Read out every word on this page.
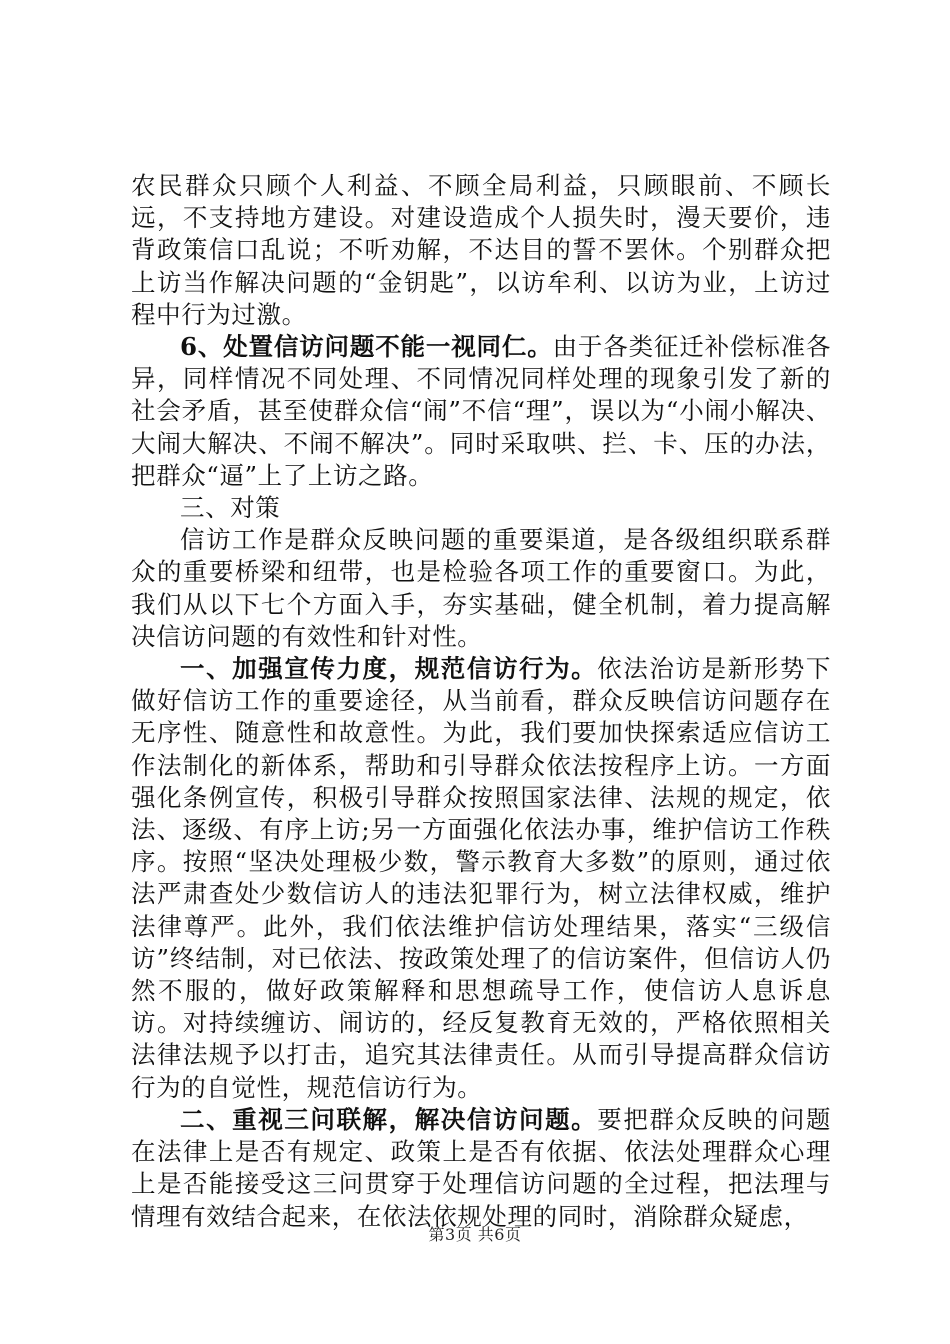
农民群众只顾个人利益、不顾全局利益，只顾眼前、不顾长远，不支持地方建设。对建设造成个人损失时，漫天要价，违背政策信口乱说；不听劝解，不达目的誓不罢休。个别群众把上访当作解决问题的“金钥匙”，以访牟利、以访为业，上访过程中行为过激。

6、处置信访问题不能一视同仁。由于各类征迁补偿标准各异，同样情况不同处理、不同情况同样处理的现象引发了新的社会矛盾，甚至使群众信“闹”不信“理”，误以为“小闹小解决、大闹大解决、不闹不解决”。同时采取哄、拦、卡、压的办法，把群众“逼”上了上访之路。

三、对策

信访工作是群众反映问题的重要渠道，是各级组织联系群众的重要桥梁和纽带，也是检验各项工作的重要窗口。为此，我们从以下七个方面入手，夯实基础，健全机制，着力提高解决信访问题的有效性和针对性。

一、加强宣传力度，规范信访行为。依法治访是新形势下做好信访工作的重要途径，从当前看，群众反映信访问题存在无序性、随意性和故意性。为此，我们要加快探索适应信访工作法制化的新体系，帮助和引导群众依法按程序上访。一方面强化条例宣传，积极引导群众按照国家法律、法规的规定，依法、逐级、有序上访;另一方面强化依法办事，维护信访工作秩序。按照“坚决处理极少数，警示教育大多数”的原则，通过依法严肃查处少数信访人的违法犯罪行为，树立法律权威，维护法律尊严。此外，我们依法维护信访处理结果，落实“三级信访”终结制，对已依法、按政策处理了的信访案件，但信访人仍然不服的，做好政策解释和思想疏导工作，使信访人息诉息访。对持续缠访、闹访的，经反复教育无效的，严格依照相关法律法规予以打击，追究其法律责任。从而引导提高群众信访行为的自觉性，规范信访行为。

二、重视三问联解，解决信访问题。要把群众反映的问题在法律上是否有规定、政策上是否有依据、依法处理群众心理上是否能接受这三问贯穿于处理信访问题的全过程，把法理与情理有效结合起来，在依法依规处理的同时，消除群众疑虑，

第3页 共6页
